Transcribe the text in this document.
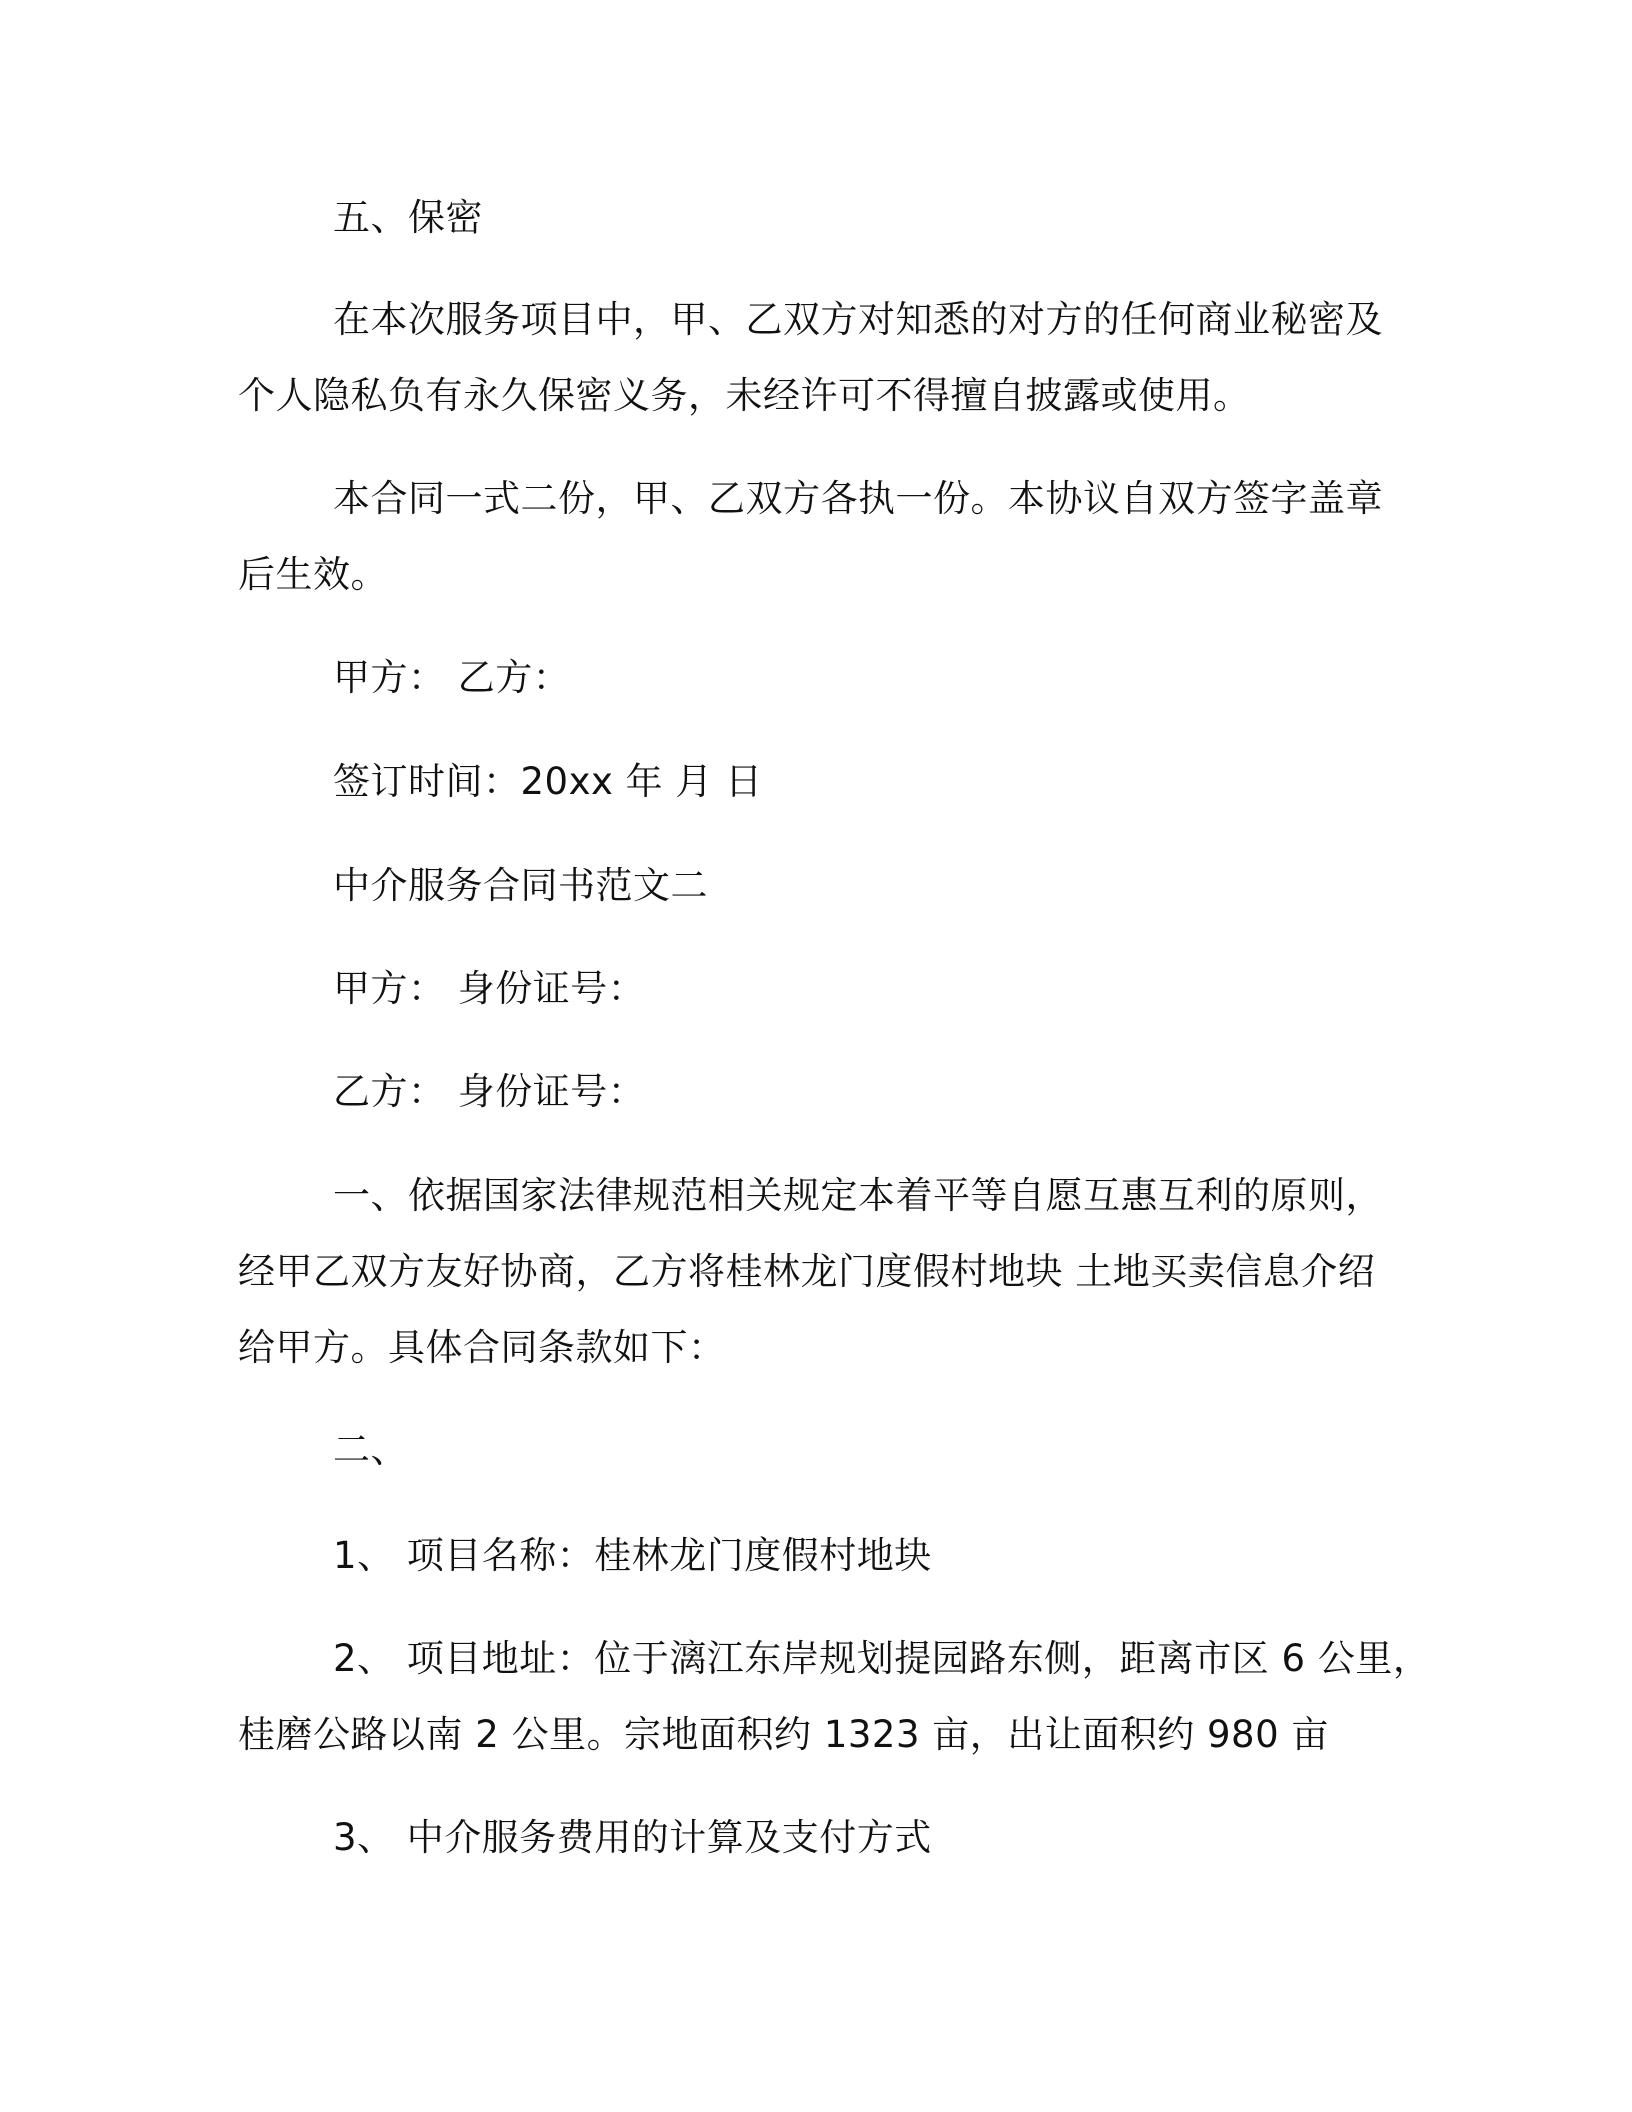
五、保密
在本次服务项目中，甲、乙双方对知悉的对方的任何商业秘密及
个人隐私负有永久保密义务，未经许可不得擅自披露或使用。
本合同一式二份，甲、乙双方各执一份。本协议自双方签字盖章
后生效。
甲方： 乙方：
签订时间：20xx 年 月 日
中介服务合同书范文二
甲方： 身份证号：
乙方： 身份证号：
一、依据国家法律规范相关规定本着平等自愿互惠互利的原则，
经甲乙双方友好协商，乙方将桂林龙门度假村地块 土地买卖信息介绍
给甲方。具体合同条款如下：
二、
1、 项目名称：桂林龙门度假村地块
2、 项目地址：位于漓江东岸规划提园路东侧，距离市区 6 公里，
桂磨公路以南 2 公里。宗地面积约 1323 亩，出让面积约 980 亩
3、 中介服务费用的计算及支付方式
